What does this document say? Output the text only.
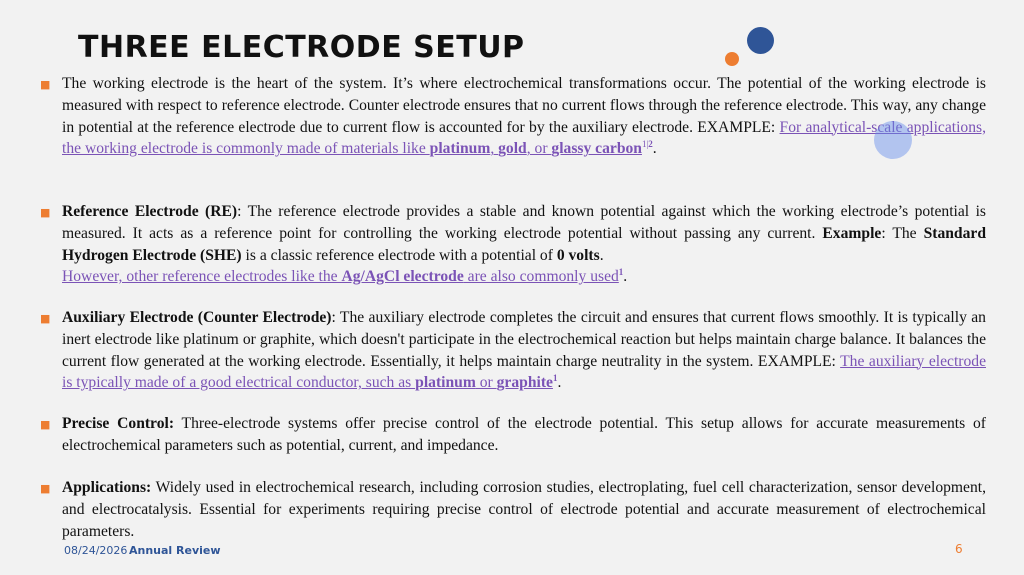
THREE ELECTRODE SETUP
■ The working electrode is the heart of the system. It’s where electrochemical transformations occur. The potential of the working electrode is measured with respect to reference electrode. Counter electrode ensures that no current flows through the reference electrode. This way, any change in potential at the reference electrode due to current flow is accounted for by the auxiliary electrode. EXAMPLE: For analytical-scale applications, the working electrode is commonly made of materials like platinum, gold, or glassy carbon$^{1|2}$.
■ Reference Electrode (RE): The reference electrode provides a stable and known potential against which the working electrode’s potential is measured. It acts as a reference point for controlling the working electrode potential without passing any current. Example: The Standard Hydrogen Electrode (SHE) is a classic reference electrode with a potential of 0 volts.
However, other reference electrodes like the Ag/AgCl electrode are also commonly used$^1$.
■ Auxiliary Electrode (Counter Electrode): The auxiliary electrode completes the circuit and ensures that current flows smoothly. It is typically an inert electrode like platinum or graphite, which doesn't participate in the electrochemical reaction but helps maintain charge balance. It balances the current flow generated at the working electrode. Essentially, it helps maintain charge neutrality in the system. EXAMPLE: The auxiliary electrode is typically made of a good electrical conductor, such as platinum or graphite$^1$.
■ Precise Control: Three-electrode systems offer precise control of the electrode potential. This setup allows for accurate measurements of electrochemical parameters such as potential, current, and impedance.
■ Applications: Widely used in electrochemical research, including corrosion studies, electroplating, fuel cell characterization, sensor development, and electrocatalysis. Essential for experiments requiring precise control of electrode potential and accurate measurement of electrochemical parameters.
08/24/2026 Annual Review	6
